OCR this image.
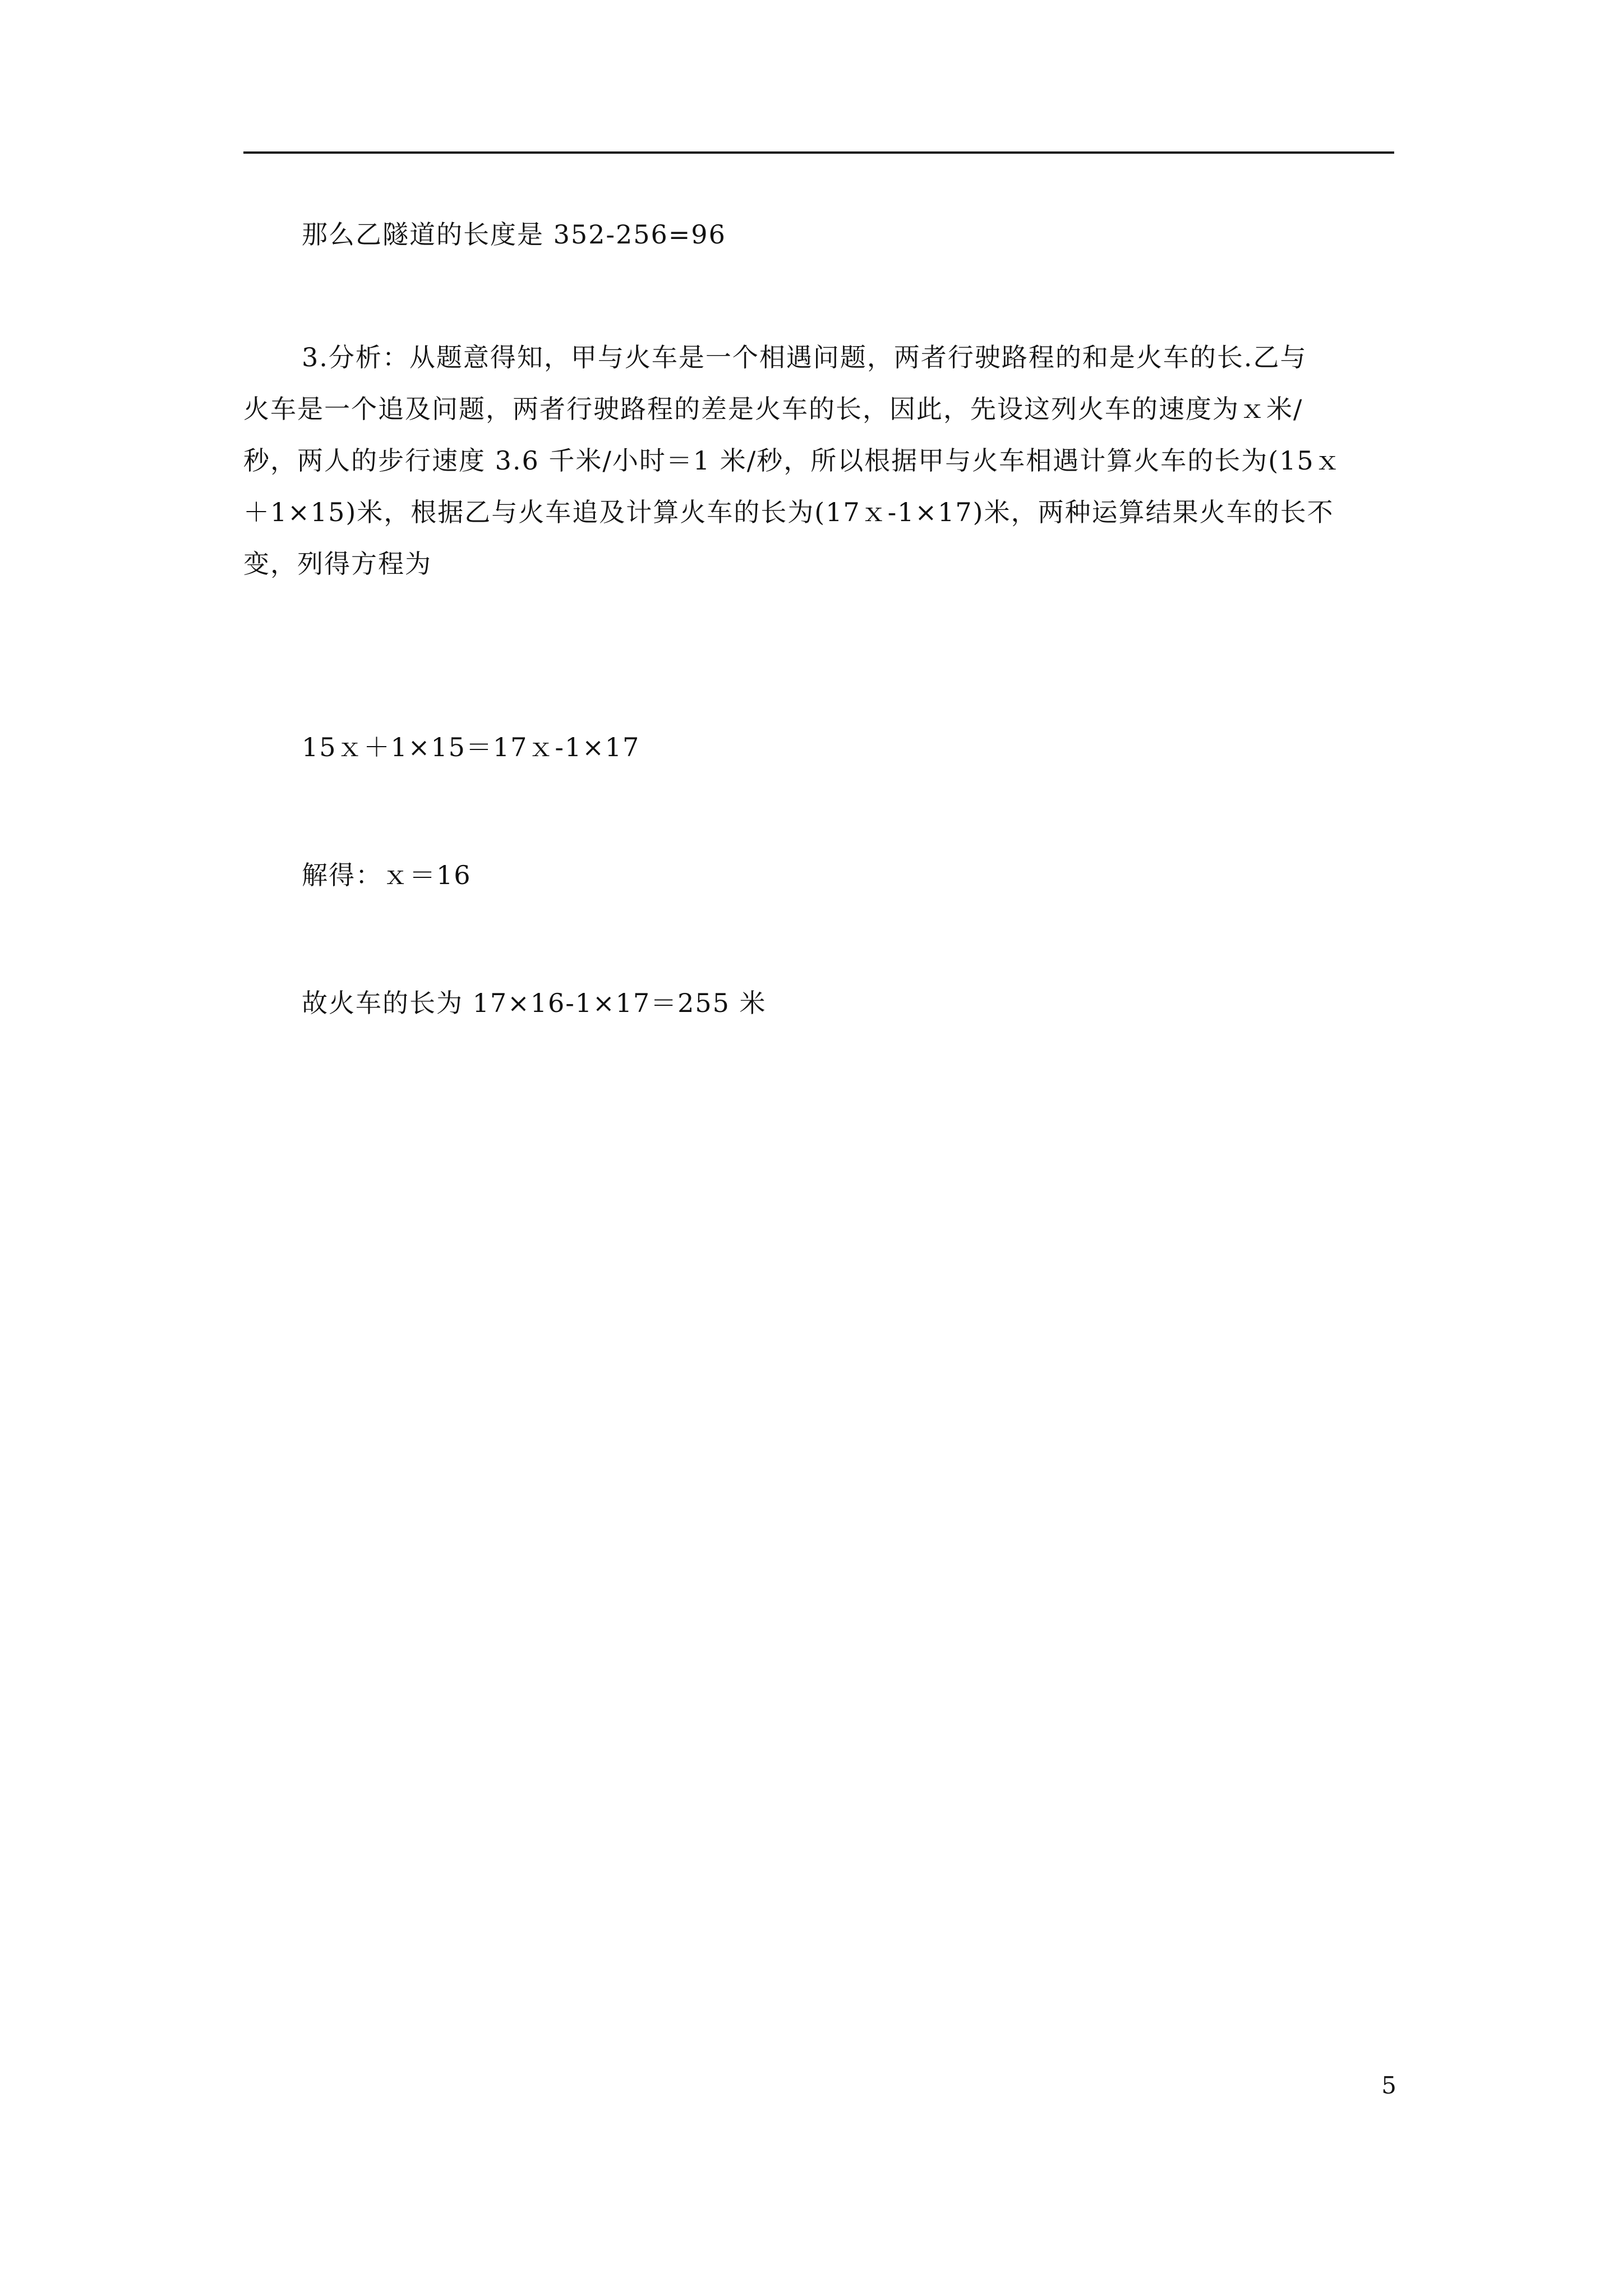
那么乙隧道的长度是 352-256=96
3.分析：从题意得知，甲与火车是一个相遇问题，两者行驶路程的和是火车的长.乙与
火车是一个追及问题，两者行驶路程的差是火车的长，因此，先设这列火车的速度为ｘ米/
秒，两人的步行速度 3.6 千米/小时＝1 米/秒，所以根据甲与火车相遇计算火车的长为(15ｘ
＋1×15)米，根据乙与火车追及计算火车的长为(17ｘ-1×17)米，两种运算结果火车的长不
变，列得方程为
15ｘ＋1×15＝17ｘ-1×17
解得：ｘ＝16
故火车的长为 17×16-1×17＝255 米
5
